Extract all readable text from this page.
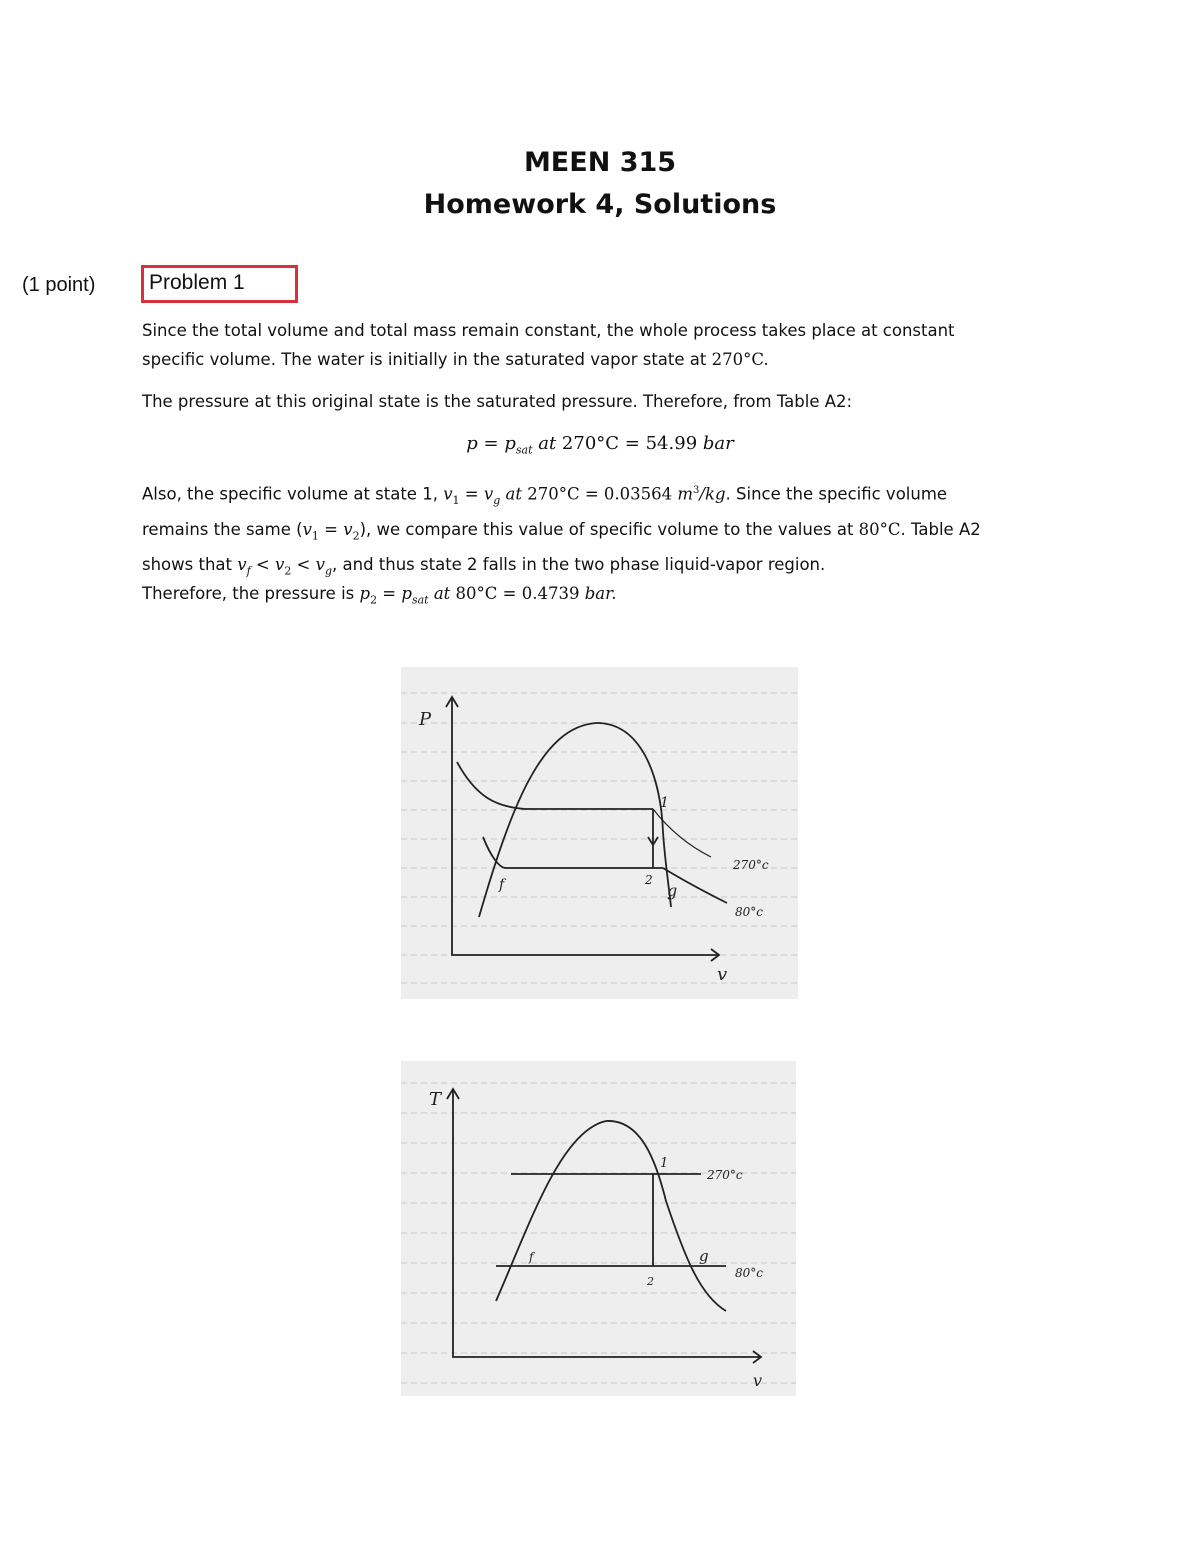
MEEN 315
Homework 4, Solutions
(1 point)	Problem 1
Since the total volume and total mass remain constant, the whole process takes place at constant
specific volume. The water is initially in the saturated vapor state at 270°C.
The pressure at this original state is the saturated pressure. Therefore, from Table A2:
$p = p_{sat}$ at 270°C = 54.99 bar
Also, the specific volume at state 1, $v_1 = v_g$ at 270°C = 0.03564 $m^3/kg$. Since the specific volume
remains the same $(v_1 = v_2)$, we compare this value of specific volume to the values at 80°C. Table A2
shows that $v_f < v_2 < v_g$, and thus state 2 falls in the two phase liquid-vapor region.
Therefore, the pressure is $p_2 = p_{sat}$ at 80°C = 0.4739 bar.
P
v
1
2
f	g
270°c
80°c
T
v
1
2
f	g
270°c
80°c
